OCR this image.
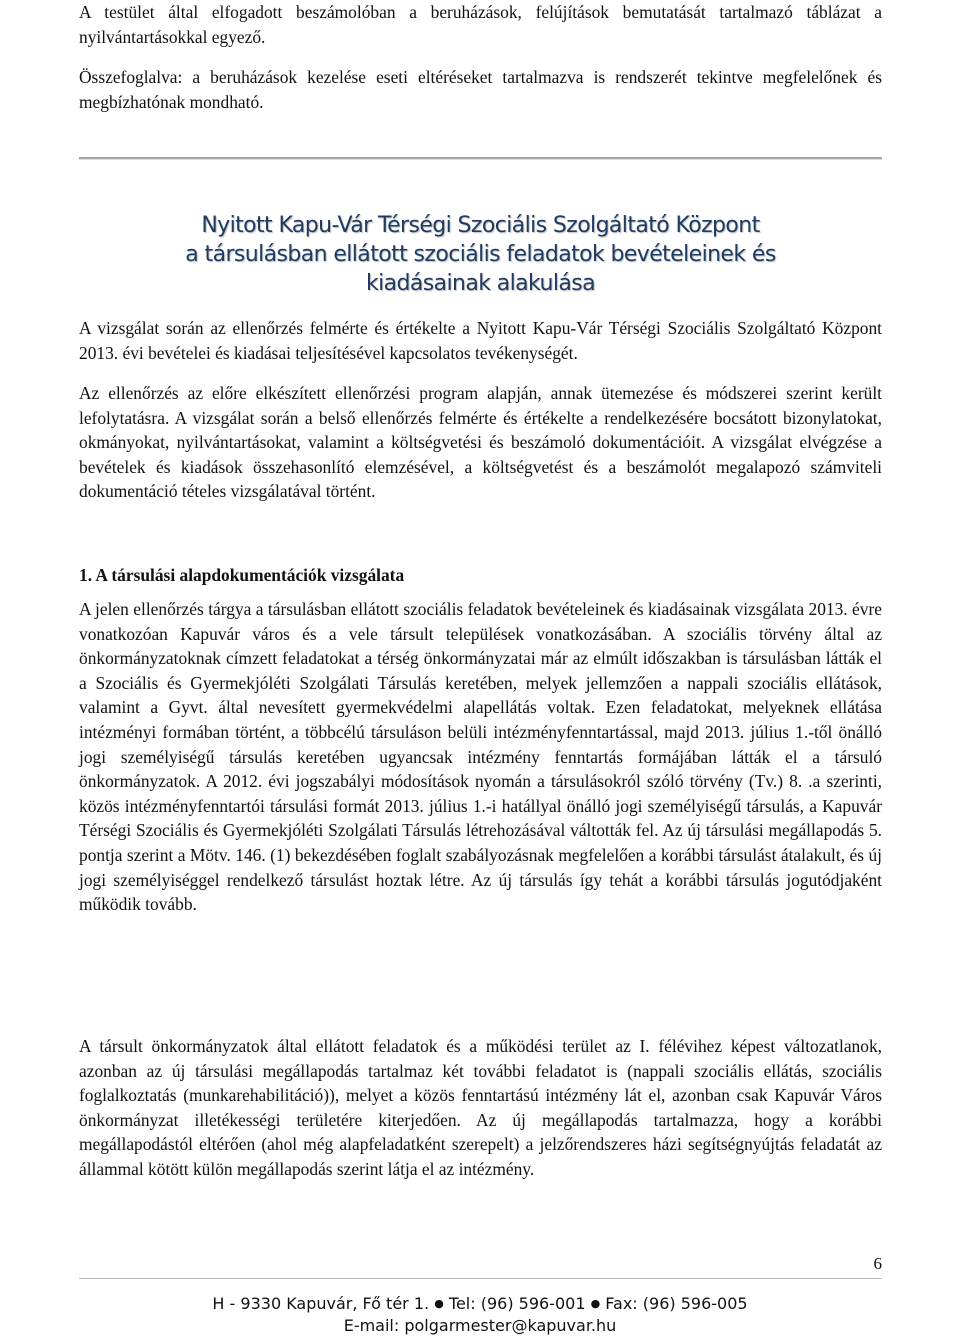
A testület által elfogadott beszámolóban a beruházások, felújítások bemutatását tartalmazó táblázat a nyilvántartásokkal egyező.

Összefoglalva: a beruházások kezelése eseti eltéréseket tartalmazva is rendszerét tekintve megfelelőnek és megbízhatónak mondható.

Nyitott Kapu-Vár Térségi Szociális Szolgáltató Központ
a társulásban ellátott szociális feladatok bevételeinek és
kiadásainak alakulása

A vizsgálat során az ellenőrzés felmérte és értékelte a Nyitott Kapu-Vár Térségi Szociális Szolgáltató Központ 2013. évi bevételei és kiadásai teljesítésével kapcsolatos tevékenységét.

Az ellenőrzés az előre elkészített ellenőrzési program alapján, annak ütemezése és módszerei szerint került lefolytatásra. A vizsgálat során a belső ellenőrzés felmérte és értékelte a rendelkezésére bocsátott bizonylatokat, okmányokat, nyilvántartásokat, valamint a költségvetési és beszámoló dokumentációit. A vizsgálat elvégzése a bevételek és kiadások összehasonlító elemzésével, a költségvetést és a beszámolót megalapozó számviteli dokumentáció tételes vizsgálatával történt.

1. A társulási alapdokumentációk vizsgálata

A jelen ellenőrzés tárgya a társulásban ellátott szociális feladatok bevételeinek és kiadásainak vizsgálata 2013. évre vonatkozóan Kapuvár város és a vele társult települések vonatkozásában. A szociális törvény által az önkormányzatoknak címzett feladatokat a térség önkormányzatai már az elmúlt időszakban is társulásban látták el a Szociális és Gyermekjóléti Szolgálati Társulás keretében, melyek jellemzően a nappali szociális ellátások, valamint a Gyvt. által nevesített gyermekvédelmi alapellátás voltak. Ezen feladatokat, melyeknek ellátása intézményi formában történt, a többcélú társuláson belüli intézményfenntartással, majd 2013. július 1.-től önálló jogi személyiségű társulás keretében ugyancsak intézmény fenntartás formájában látták el a társuló önkormányzatok. A 2012. évi jogszabályi módosítások nyomán a társulásokról szóló törvény (Tv.) 8. .a szerinti, közös intézményfenntartói társulási formát 2013. július 1.-i hatállyal önálló jogi személyiségű társulás, a Kapuvár Térségi Szociális és Gyermekjóléti Szolgálati Társulás létrehozásával váltották fel. Az új társulási megállapodás 5. pontja szerint a Mötv. 146. (1) bekezdésében foglalt szabályozásnak megfelelően a korábbi társulást átalakult, és új jogi személyiséggel rendelkező társulást hoztak létre. Az új társulás így tehát a korábbi társulás jogutódjaként működik tovább.

A társult önkormányzatok által ellátott feladatok és a működési terület az I. félévihez képest változatlanok, azonban az új társulási megállapodás tartalmaz két további feladatot is (nappali szociális ellátás, szociális foglalkoztatás (munkarehabilitáció)), melyet a közös fenntartású intézmény lát el, azonban csak Kapuvár Város önkormányzat illetékességi területére kiterjedően. Az új megállapodás tartalmazza, hogy a korábbi megállapodástól eltérően (ahol még alapfeladatként szerepelt) a jelzőrendszeres házi segítségnyújtás feladatát az állammal kötött külön megállapodás szerint látja el az intézmény.

6
H - 9330 Kapuvár, Fő tér 1. ● Tel: (96) 596-001 ● Fax: (96) 596-005
E-mail: polgarmester@kapuvar.hu
